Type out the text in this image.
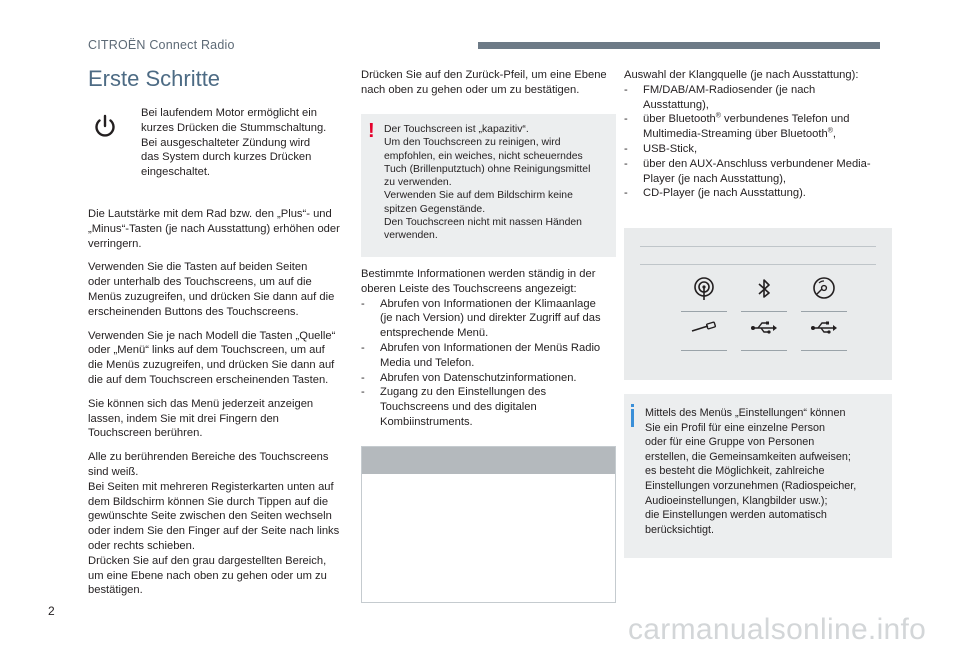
CITROËN Connect Radio
Erste Schritte
Bei laufendem Motor ermöglicht ein
kurzes Drücken die Stummschaltung.
Bei ausgeschalteter Zündung wird
das System durch kurzes Drücken
eingeschaltet.

Die Lautstärke mit dem Rad bzw. den „Plus“- und
„Minus“-Tasten (je nach Ausstattung) erhöhen oder
verringern.

Verwenden Sie die Tasten auf beiden Seiten
oder unterhalb des Touchscreens, um auf die
Menüs zuzugreifen, und drücken Sie dann auf die
erscheinenden Buttons des Touchscreens.

Verwenden Sie je nach Modell die Tasten „Quelle“
oder „Menü“ links auf dem Touchscreen, um auf
die Menüs zuzugreifen, und drücken Sie dann auf
die auf dem Touchscreen erscheinenden Tasten.

Sie können sich das Menü jederzeit anzeigen
lassen, indem Sie mit drei Fingern den
Touchscreen berühren.

Alle zu berührenden Bereiche des Touchscreens
sind weiß.
Bei Seiten mit mehreren Registerkarten unten auf
dem Bildschirm können Sie durch Tippen auf die
gewünschte Seite zwischen den Seiten wechseln
oder indem Sie den Finger auf der Seite nach links
oder rechts schieben.
Drücken Sie auf den grau dargestellten Bereich,
um eine Ebene nach oben zu gehen oder um zu
bestätigen.

Drücken Sie auf den Zurück-Pfeil, um eine Ebene
nach oben zu gehen oder um zu bestätigen.
! Der Touchscreen ist „kapazitiv“.
Um den Touchscreen zu reinigen, wird
empfohlen, ein weiches, nicht scheuerndes
Tuch (Brillenputztuch) ohne Reinigungsmittel
zu verwenden.
Verwenden Sie auf dem Bildschirm keine
spitzen Gegenstände.
Den Touchscreen nicht mit nassen Händen
verwenden.
Bestimmte Informationen werden ständig in der
oberen Leiste des Touchscreens angezeigt:
- Abrufen von Informationen der Klimaanlage
(je nach Version) und direkter Zugriff auf das
entsprechende Menü.
- Abrufen von Informationen der Menüs Radio
Media und Telefon.
- Abrufen von Datenschutzinformationen.
- Zugang zu den Einstellungen des
Touchscreens und des digitalen
Kombiinstruments.
Auswahl der Klangquelle (je nach Ausstattung):
- FM/DAB/AM-Radiosender (je nach
Ausstattung),
- über Bluetooth® verbundenes Telefon und
Multimedia-Streaming über Bluetooth®,
- USB-Stick,
- über den AUX-Anschluss verbundener Media-
Player (je nach Ausstattung),
- CD-Player (je nach Ausstattung).
Mittels des Menüs „Einstellungen“ können
Sie ein Profil für eine einzelne Person
oder für eine Gruppe von Personen
erstellen, die Gemeinsamkeiten aufweisen;
es besteht die Möglichkeit, zahlreiche
Einstellungen vorzunehmen (Radiospeicher,
Audioeinstellungen, Klangbilder usw.);
die Einstellungen werden automatisch
berücksichtigt.
2
carmanualsonline.info
